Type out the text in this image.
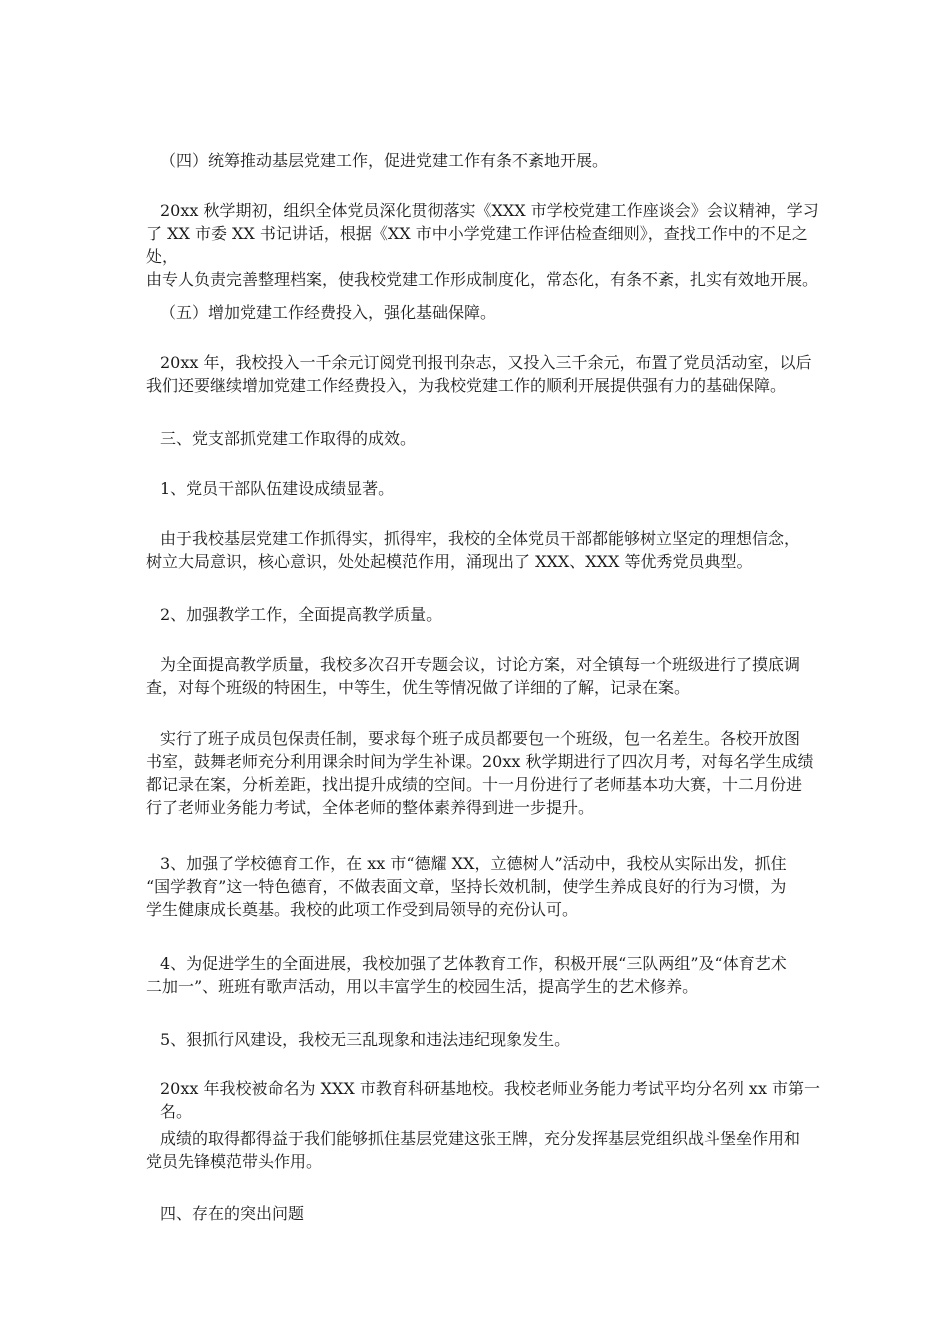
（四）统筹推动基层党建工作，促进党建工作有条不紊地开展。
20xx 秋学期初，组织全体党员深化贯彻落实《XXX 市学校党建工作座谈会》会议精神，学习
了 XX 市委 XX 书记讲话，根据《XX 市中小学党建工作评估检查细则》，查找工作中的不足之处，
由专人负责完善整理档案，使我校党建工作形成制度化，常态化，有条不紊，扎实有效地开展。
（五）增加党建工作经费投入，强化基础保障。
20xx 年，我校投入一千余元订阅党刊报刊杂志，又投入三千余元，布置了党员活动室，以后
我们还要继续增加党建工作经费投入，为我校党建工作的顺利开展提供强有力的基础保障。
三、党支部抓党建工作取得的成效。
1、党员干部队伍建设成绩显著。
由于我校基层党建工作抓得实，抓得牢，我校的全体党员干部都能够树立坚定的理想信念，
树立大局意识，核心意识，处处起模范作用，涌现出了 XXX、XXX 等优秀党员典型。
2、加强教学工作，全面提高教学质量。
为全面提高教学质量，我校多次召开专题会议，讨论方案，对全镇每一个班级进行了摸底调
查，对每个班级的特困生，中等生，优生等情况做了详细的了解，记录在案。
实行了班子成员包保责任制，要求每个班子成员都要包一个班级，包一名差生。各校开放图
书室，鼓舞老师充分利用课余时间为学生补课。20xx 秋学期进行了四次月考，对每名学生成绩
都记录在案，分析差距，找出提升成绩的空间。十一月份进行了老师基本功大赛，十二月份进
行了老师业务能力考试，全体老师的整体素养得到进一步提升。
3、加强了学校德育工作，在 xx 市“德耀 XX，立德树人”活动中，我校从实际出发，抓住
“国学教育”这一特色德育，不做表面文章，坚持长效机制，使学生养成良好的行为习惯，为
学生健康成长奠基。我校的此项工作受到局领导的充份认可。
4、为促进学生的全面进展，我校加强了艺体教育工作，积极开展“三队两组”及“体育艺术
二加一”、班班有歌声活动，用以丰富学生的校园生活，提高学生的艺术修养。
5、狠抓行风建设，我校无三乱现象和违法违纪现象发生。
20xx 年我校被命名为 XXX 市教育科研基地校。我校老师业务能力考试平均分名列 xx 市第一名。
成绩的取得都得益于我们能够抓住基层党建这张王牌，充分发挥基层党组织战斗堡垒作用和
党员先锋模范带头作用。
四、存在的突出问题
